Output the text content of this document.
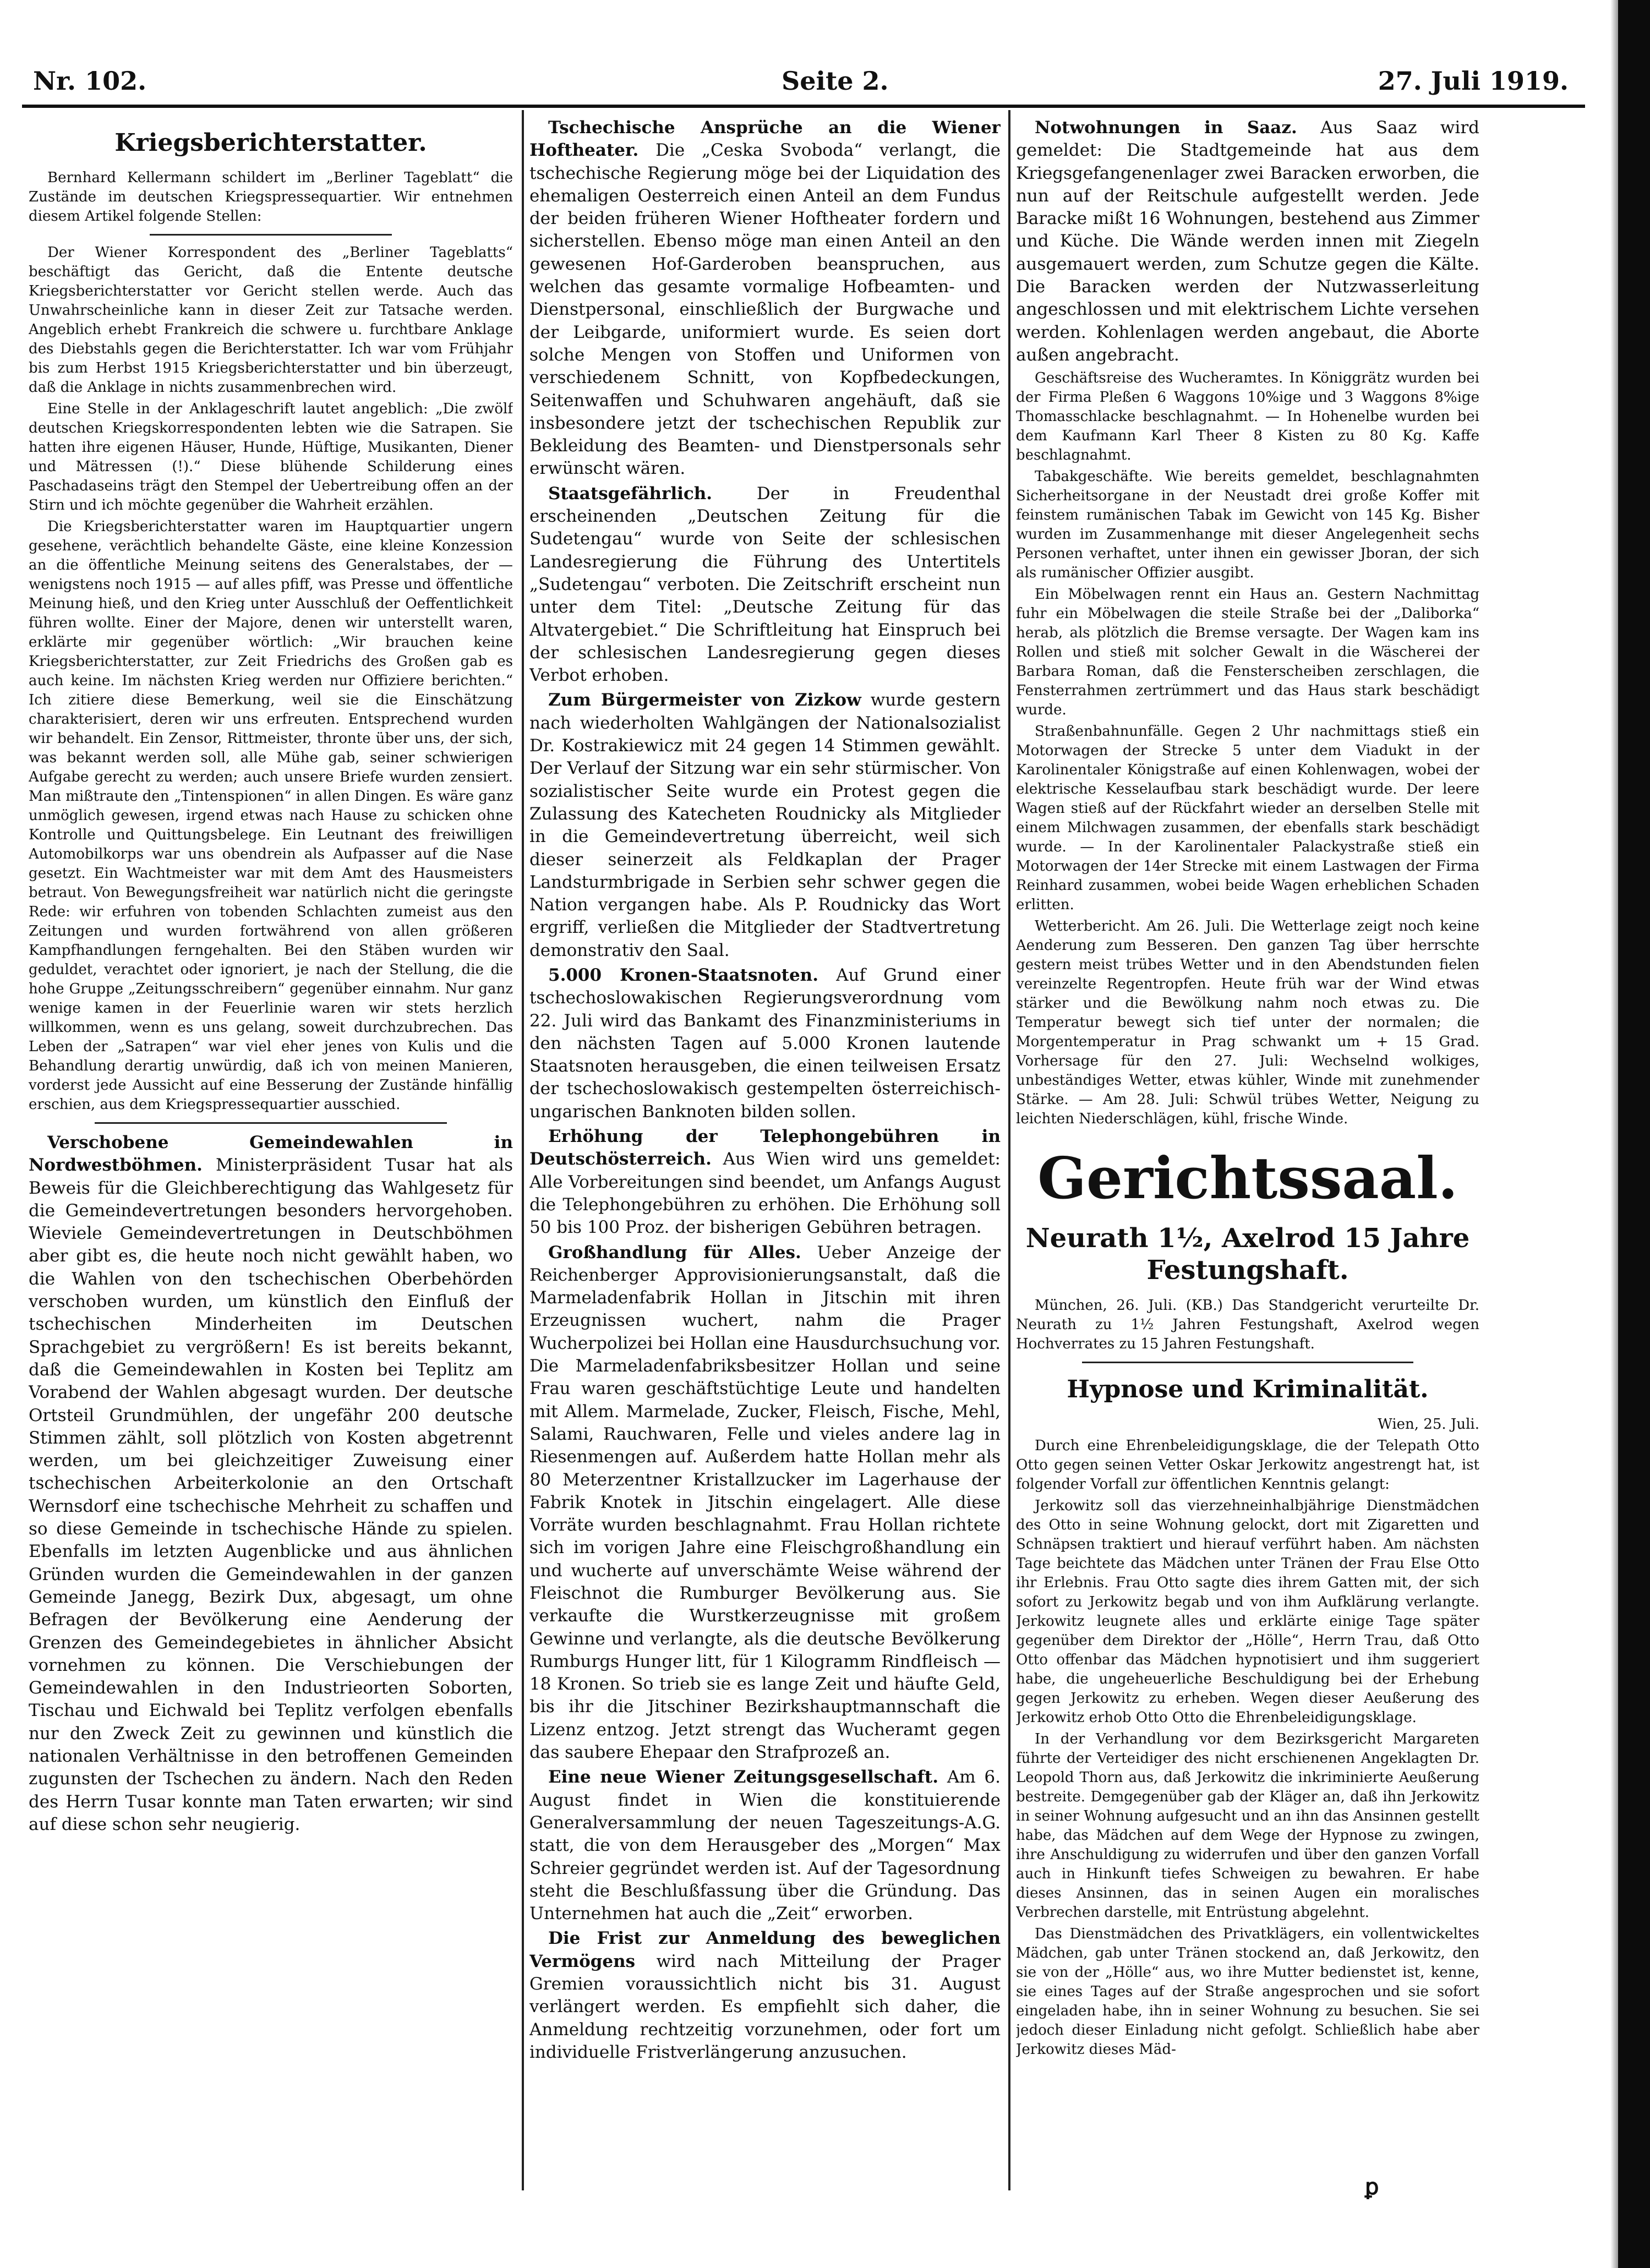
Nr. 102.	Seite 2.	27. Juli 1919.
Kriegsberichterstatter.

Bernhard Kellermann schildert im „Berliner Tageblatt“ die Zustände im deutschen Kriegspressequartier. Wir entnehmen diesem Artikel folgende Stellen:

Der Wiener Korrespondent des „Berliner Tageblatts“ beschäftigt das Gericht, daß die Entente deutsche Kriegsberichterstatter vor Gericht stellen werde. Auch das Unwahrscheinliche kann in dieser Zeit zur Tatsache werden. Angeblich erhebt Frankreich die schwere u. furchtbare Anklage des Diebstahls gegen die Berichterstatter. Ich war vom Frühjahr bis zum Herbst 1915 Kriegsberichterstatter und bin überzeugt, daß die Anklage in nichts zusammenbrechen wird.

Eine Stelle in der Anklageschrift lautet angeblich: „Die zwölf deutschen Kriegskorrespondenten lebten wie die Satrapen. Sie hatten ihre eigenen Häuser, Hunde, Hüftige, Musikanten, Diener und Mätressen (!).“ Diese blühende Schilderung eines Paschadaseins trägt den Stempel der Uebertreibung offen an der Stirn und ich möchte gegenüber die Wahrheit erzählen.

Die Kriegsberichterstatter waren im Hauptquartier ungern gesehene, verächtlich behandelte Gäste, eine kleine Konzession an die öffentliche Meinung seitens des Generalstabes, der — wenigstens noch 1915 — auf alles pfiff, was Presse und öffentliche Meinung hieß, und den Krieg unter Ausschluß der Oeffentlichkeit führen wollte. Einer der Majore, denen wir unterstellt waren, erklärte mir gegenüber wörtlich: „Wir brauchen keine Kriegsberichterstatter, zur Zeit Friedrichs des Großen gab es auch keine. Im nächsten Krieg werden nur Offiziere berichten.“ Ich zitiere diese Bemerkung, weil sie die Einschätzung charakterisiert, deren wir uns erfreuten. Entsprechend wurden wir behandelt. Ein Zensor, Rittmeister, thronte über uns, der sich, was bekannt werden soll, alle Mühe gab, seiner schwierigen Aufgabe gerecht zu werden; auch unsere Briefe wurden zensiert. Man mißtraute den „Tintenspionen“ in allen Dingen. Es wäre ganz unmöglich gewesen, irgend etwas nach Hause zu schicken ohne Kontrolle und Quittungsbelege. Ein Leutnant des freiwilligen Automobilkorps war uns obendrein als Aufpasser auf die Nase gesetzt. Ein Wachtmeister war mit dem Amt des Hausmeisters betraut. Von Bewegungsfreiheit war natürlich nicht die geringste Rede: wir erfuhren von tobenden Schlachten zumeist aus den Zeitungen und wurden fortwährend von allen größeren Kampfhandlungen ferngehalten. Bei den Stäben wurden wir geduldet, verachtet oder ignoriert, je nach der Stellung, die die hohe Gruppe „Zeitungsschreibern“ gegenüber einnahm. Nur ganz wenige kamen in der Feuerlinie waren wir stets herzlich willkommen, wenn es uns gelang, soweit durchzubrechen. Das Leben der „Satrapen“ war viel eher jenes von Kulis und die Behandlung derartig unwürdig, daß ich von meinen Manieren, vorderst jede Aussicht auf eine Besserung der Zustände hinfällig erschien, aus dem Kriegspressequartier ausschied.

Verschobene Gemeindewahlen in Nordwestböhmen. Ministerpräsident Tusar hat als Beweis für die Gleichberechtigung das Wahlgesetz für die Gemeindevertretungen besonders hervorgehoben. Wieviele Gemeindevertretungen in Deutschböhmen aber gibt es, die heute noch nicht gewählt haben, wo die Wahlen von den tschechischen Oberbehörden verschoben wurden, um künstlich den Einfluß der tschechischen Minderheiten im Deutschen Sprachgebiet zu vergrößern! Es ist bereits bekannt, daß die Gemeindewahlen in Kosten bei Teplitz am Vorabend der Wahlen abgesagt wurden. Der deutsche Ortsteil Grundmühlen, der ungefähr 200 deutsche Stimmen zählt, soll plötzlich von Kosten abgetrennt werden, um bei gleichzeitiger Zuweisung einer tschechischen Arbeiterkolonie an den Ortschaft Wernsdorf eine tschechische Mehrheit zu schaffen und so diese Gemeinde in tschechische Hände zu spielen. Ebenfalls im letzten Augenblicke und aus ähnlichen Gründen wurden die Gemeindewahlen in der ganzen Gemeinde Janegg, Bezirk Dux, abgesagt, um ohne Befragen der Bevölkerung eine Aenderung der Grenzen des Gemeindegebietes in ähnlicher Absicht vornehmen zu können. Die Verschiebungen der Gemeindewahlen in den Industrieorten Soborten, Tischau und Eichwald bei Teplitz verfolgen ebenfalls nur den Zweck Zeit zu gewinnen und künstlich die nationalen Verhältnisse in den betroffenen Gemeinden zugunsten der Tschechen zu ändern. Nach den Reden des Herrn Tusar konnte man Taten erwarten; wir sind auf diese schon sehr neugierig.

Tschechische Ansprüche an die Wiener Hoftheater. Die „Ceska Svoboda“ verlangt, die tschechische Regierung möge bei der Liquidation des ehemaligen Oesterreich einen Anteil an dem Fundus der beiden früheren Wiener Hoftheater fordern und sicherstellen. Ebenso möge man einen Anteil an den gewesenen Hof-Garderoben beanspruchen, aus welchen das gesamte vormalige Hofbeamten- und Dienstpersonal, einschließlich der Burgwache und der Leibgarde, uniformiert wurde. Es seien dort solche Mengen von Stoffen und Uniformen von verschiedenem Schnitt, von Kopfbedeckungen, Seitenwaffen und Schuhwaren angehäuft, daß sie insbesondere jetzt der tschechischen Republik zur Bekleidung des Beamten- und Dienstpersonals sehr erwünscht wären.

Staatsgefährlich.	Der in Freudenthal erscheinenden „Deutschen Zeitung für die Sudetengau“ wurde von Seite der schlesischen Landesregierung die Führung des Untertitels „Sudetengau“ verboten. Die Zeitschrift erscheint nun unter dem Titel: „Deutsche Zeitung für das Altvatergebiet.“ Die Schriftleitung hat Einspruch bei der schlesischen Landesregierung gegen dieses Verbot erhoben.

Zum Bürgermeister von Zizkow wurde gestern nach wiederholten Wahlgängen der Nationalsozialist Dr. Kostrakiewicz mit 24 gegen 14 Stimmen gewählt. Der Verlauf der Sitzung war ein sehr stürmischer. Von sozialistischer Seite wurde ein Protest gegen die Zulassung des Katecheten Roudnicky als Mitglieder in die Gemeindevertretung überreicht, weil sich dieser seinerzeit als Feldkaplan der Prager Landsturmbrigade in Serbien sehr schwer gegen die Nation vergangen habe. Als P. Roudnicky das Wort ergriff, verließen die Mitglieder der Stadtvertretung demonstrativ den Saal.

5.000 Kronen-Staatsnoten. Auf Grund einer tschechoslowakischen Regierungsverordnung vom 22. Juli wird das Bankamt des Finanzministeriums in den nächsten Tagen auf 5.000 Kronen lautende Staatsnoten herausgeben, die einen teilweisen Ersatz der tschechoslowakisch gestempelten österreichisch-ungarischen Banknoten bilden sollen.

Erhöhung der Telephongebühren in Deutschösterreich. Aus Wien wird uns gemeldet: Alle Vorbereitungen sind beendet, um Anfangs August die Telephongebühren zu erhöhen. Die Erhöhung soll 50 bis 100 Proz. der bisherigen Gebühren betragen.

Großhandlung für Alles. Ueber Anzeige der Reichenberger Approvisionierungsanstalt, daß die Marmeladenfabrik Hollan in Jitschin mit ihren Erzeugnissen wuchert, nahm die Prager Wucherpolizei bei Hollan eine Hausdurchsuchung vor. Die Marmeladenfabriksbesitzer Hollan und seine Frau waren geschäftstüchtige Leute und handelten mit Allem. Marmelade, Zucker, Fleisch, Fische, Mehl, Salami, Rauchwaren, Felle und vieles andere lag in Riesenmengen auf. Außerdem hatte Hollan mehr als 80 Meterzentner Kristallzucker im Lagerhause der Fabrik Knotek in Jitschin eingelagert. Alle diese Vorräte wurden beschlagnahmt. Frau Hollan richtete sich im vorigen Jahre eine Fleischgroßhandlung ein und wucherte auf unverschämte Weise während der Fleischnot die Rumburger Bevölkerung aus. Sie verkaufte die Wurstkerzeugnisse mit großem Gewinne und verlangte, als die deutsche Bevölkerung Rumburgs Hunger litt, für 1 Kilogramm Rindfleisch — 18 Kronen. So trieb sie es lange Zeit und häufte Geld, bis ihr die Jitschiner Bezirkshauptmannschaft die Lizenz entzog. Jetzt strengt das Wucheramt gegen das saubere Ehepaar den Strafprozeß an.

Eine neue Wiener Zeitungsgesellschaft. Am 6. August findet in Wien die konstituierende Generalversammlung der neuen Tageszeitungs-A.G. statt, die von dem Herausgeber des „Morgen“ Max Schreier gegründet werden ist. Auf der Tagesordnung steht die Beschlußfassung über die Gründung. Das Unternehmen hat auch die „Zeit“ erworben.

Die Frist zur Anmeldung des beweglichen Vermögens wird nach Mitteilung der Prager Gremien voraussichtlich nicht bis 31. August verlängert werden. Es empfiehlt sich daher, die Anmeldung rechtzeitig vorzunehmen, oder fort um individuelle Fristverlängerung anzusuchen.

Notwohnungen in Saaz. Aus Saaz wird gemeldet: Die Stadtgemeinde hat aus dem Kriegsgefangenenlager zwei Baracken erworben, die nun auf der Reitschule aufgestellt werden. Jede Baracke mißt 16 Wohnungen, bestehend aus Zimmer und Küche. Die Wände werden innen mit Ziegeln ausgemauert werden, zum Schutze gegen die Kälte. Die Baracken werden der Nutzwasserleitung angeschlossen und mit elektrischem Lichte versehen werden. Kohlenlagen werden angebaut, die Aborte außen angebracht.

Geschäftsreise des Wucheramtes. In Königgrätz wurden bei der Firma Pleßen 6 Waggons 10%ige und 3 Waggons 8%ige Thomasschlacke beschlagnahmt. — In Hohenelbe wurden bei dem Kaufmann Karl Theer 8 Kisten zu 80 Kg. Kaffe beschlagnahmt.

Tabakgeschäfte. Wie bereits gemeldet, beschlagnahmten Sicherheitsorgane in der Neustadt drei große Koffer mit feinstem rumänischen Tabak im Gewicht von 145 Kg. Bisher wurden im Zusammenhange mit dieser Angelegenheit sechs Personen verhaftet, unter ihnen ein gewisser Jboran, der sich als rumänischer Offizier ausgibt.

Ein Möbelwagen rennt ein Haus an. Gestern Nachmittag fuhr ein Möbelwagen die steile Straße bei der „Daliborka“ herab, als plötzlich die Bremse versagte. Der Wagen kam ins Rollen und stieß mit solcher Gewalt in die Wäscherei der Barbara Roman, daß die Fensterscheiben zerschlagen, die Fensterrahmen zertrümmert und das Haus stark beschädigt wurde.

Straßenbahnunfälle. Gegen 2 Uhr nachmittags stieß ein Motorwagen der Strecke 5 unter dem Viadukt in der Karolinentaler Königstraße auf einen Kohlenwagen, wobei der elektrische Kesselaufbau stark beschädigt wurde. Der leere Wagen stieß auf der Rückfahrt wieder an derselben Stelle mit einem Milchwagen zusammen, der ebenfalls stark beschädigt wurde. — In der Karolinentaler Palackystraße stieß ein Motorwagen der 14er Strecke mit einem Lastwagen der Firma Reinhard zusammen, wobei beide Wagen erheblichen Schaden erlitten.

Wetterbericht. Am 26. Juli. Die Wetterlage zeigt noch keine Aenderung zum Besseren. Den ganzen Tag über herrschte gestern meist trübes Wetter und in den Abendstunden fielen vereinzelte Regentropfen. Heute früh war der Wind etwas stärker und die Bewölkung nahm noch etwas zu. Die Temperatur bewegt sich tief unter der normalen; die Morgentemperatur in Prag schwankt um + 15 Grad. Vorhersage für den 27. Juli: Wechselnd wolkiges, unbeständiges Wetter, etwas kühler, Winde mit zunehmender Stärke. — Am 28. Juli: Schwül trübes Wetter, Neigung zu leichten Niederschlägen, kühl, frische Winde.

Gerichtssaal.
Neurath 1½, Axelrod 15 Jahre Festungshaft.

München, 26. Juli. (KB.) Das Standgericht verurteilte Dr. Neurath zu 1½ Jahren Festungshaft, Axelrod wegen Hochverrates zu 15 Jahren Festungshaft.

Hypnose und Kriminalität.

Wien, 25. Juli.

Durch eine Ehrenbeleidigungsklage, die der Telepath Otto Otto gegen seinen Vetter Oskar Jerkowitz angestrengt hat, ist folgender Vorfall zur öffentlichen Kenntnis gelangt:

Jerkowitz soll das vierzehneinhalbjährige Dienstmädchen des Otto in seine Wohnung gelockt, dort mit Zigaretten und Schnäpsen traktiert und hierauf verführt haben. Am nächsten Tage beichtete das Mädchen unter Tränen der Frau Else Otto ihr Erlebnis. Frau Otto sagte dies ihrem Gatten mit, der sich sofort zu Jerkowitz begab und von ihm Aufklärung verlangte. Jerkowitz leugnete alles und erklärte einige Tage später gegenüber dem Direktor der „Hölle“, Herrn Trau, daß Otto Otto offenbar das Mädchen hypnotisiert und ihm suggeriert habe, die ungeheuerliche Beschuldigung bei der Erhebung gegen Jerkowitz zu erheben. Wegen dieser Aeußerung des Jerkowitz erhob Otto Otto die Ehrenbeleidigungsklage.

In der Verhandlung vor dem Bezirksgericht Margareten führte der Verteidiger des nicht erschienenen Angeklagten Dr. Leopold Thorn aus, daß Jerkowitz die inkriminierte Aeußerung bestreite. Demgegenüber gab der Kläger an, daß ihn Jerkowitz in seiner Wohnung aufgesucht und an ihn das Ansinnen gestellt habe, das Mädchen auf dem Wege der Hypnose zu zwingen, ihre Anschuldigung zu widerrufen und über den ganzen Vorfall auch in Hinkunft tiefes Schweigen zu bewahren. Er habe dieses Ansinnen, das in seinen Augen ein moralisches Verbrechen darstelle, mit Entrüstung abgelehnt.

Das Dienstmädchen des Privatklägers, ein vollentwickeltes Mädchen, gab unter Tränen stockend an, daß Jerkowitz, den sie von der „Hölle“ aus, wo ihre Mutter bedienstet ist, kenne, sie eines Tages auf der Straße angesprochen und sie sofort eingeladen habe, ihn in seiner Wohnung zu besuchen. Sie sei jedoch dieser Einladung nicht gefolgt. Schließlich habe aber Jerkowitz dieses Mäd-

ꝑ
